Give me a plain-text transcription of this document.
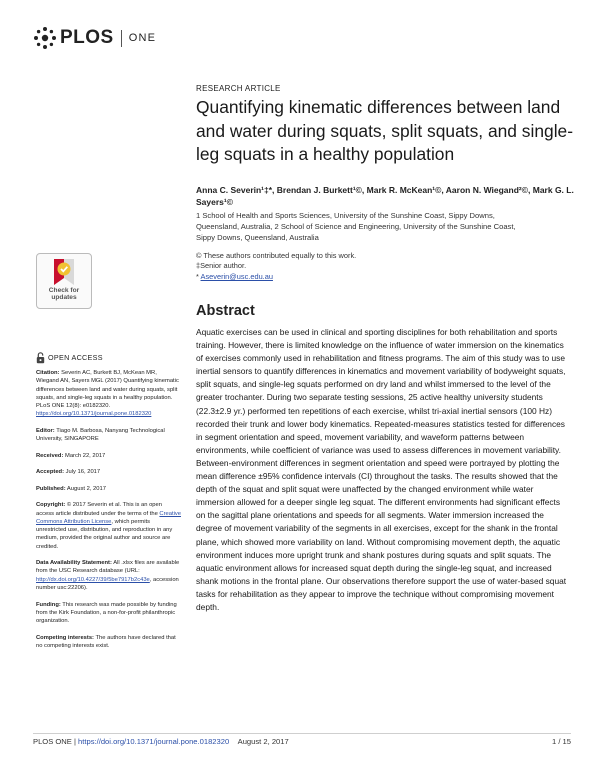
PLOS ONE
RESEARCH ARTICLE
Quantifying kinematic differences between land and water during squats, split squats, and single-leg squats in a healthy population
Anna C. Severin¹‡*, Brendan J. Burkett¹©, Mark R. McKean¹©, Aaron N. Wiegand²©, Mark G. L. Sayers¹©
1 School of Health and Sports Sciences, University of the Sunshine Coast, Sippy Downs, Queensland, Australia, 2 School of Science and Engineering, University of the Sunshine Coast, Sippy Downs, Queensland, Australia
© These authors contributed equally to this work.
‡Senior author.
* Aseverin@usc.edu.au
Check for
updates
OPEN ACCESS
Citation: Severin AC, Burkett BJ, McKean MR, Wiegand AN, Sayers MGL (2017) Quantifying kinematic differences between land and water during squats, split squats, and single-leg squats in a healthy population. PLoS ONE 12(8): e0182320. https://doi.org/10.1371/journal.pone.0182320
Editor: Tiago M. Barbosa, Nanyang Technological University, SINGAPORE
Received: March 22, 2017
Accepted: July 16, 2017
Published: August 2, 2017
Copyright: © 2017 Severin et al. This is an open access article distributed under the terms of the Creative Commons Attribution License, which permits unrestricted use, distribution, and reproduction in any medium, provided the original author and source are credited.
Data Availability Statement: All .xlsx files are available from the USC Research database (URL: http://dx.doi.org/10.4227/39/5be7917b2c43e, accession number usc:22206).
Funding: This research was made possible by funding from the Kirk Foundation, a non-for-profit philanthropic organization.
Competing interests: The authors have declared that no competing interests exist.
Abstract

Aquatic exercises can be used in clinical and sporting disciplines for both rehabilitation and sports training. However, there is limited knowledge on the influence of water immersion on the kinematics of exercises commonly used in rehabilitation and fitness programs. The aim of this study was to use inertial sensors to quantify differences in kinematics and movement variability of bodyweight squats, split squats, and single-leg squats performed on dry land and whilst immersed to the level of the greater trochanter. During two separate testing sessions, 25 active healthy university students (22.3±2.9 yr.) performed ten repetitions of each exercise, whilst tri-axial inertial sensors (100 Hz) recorded their trunk and lower body kinematics. Repeated-measures statistics tested for differences in segment orientation and speed, movement variability, and waveform patterns between environments, while coefficient of variance was used to assess differences in movement variability. Between-environment differences in segment orientation and speed were portrayed by plotting the mean difference ±95% confidence intervals (CI) throughout the tasks. The results showed that the depth of the squat and split squat were unaffected by the changed environment while water immersion allowed for a deeper single leg squat. The different environments had significant effects on the sagittal plane orientations and speeds for all segments. Water immersion increased the degree of movement variability of the segments in all exercises, except for the shank in the frontal plane, which showed more variability on land. Without compromising movement depth, the aquatic environment induces more upright trunk and shank postures during squats and split squats. The aquatic environment allows for increased squat depth during the single-leg squat, and increased shank motions in the frontal plane. Our observations therefore support the use of water-based squat tasks for rehabilitation as they appear to improve the technique without compromising movement depth.

PLOS ONE | https://doi.org/10.1371/journal.pone.0182320 August 2, 2017	1 / 15
